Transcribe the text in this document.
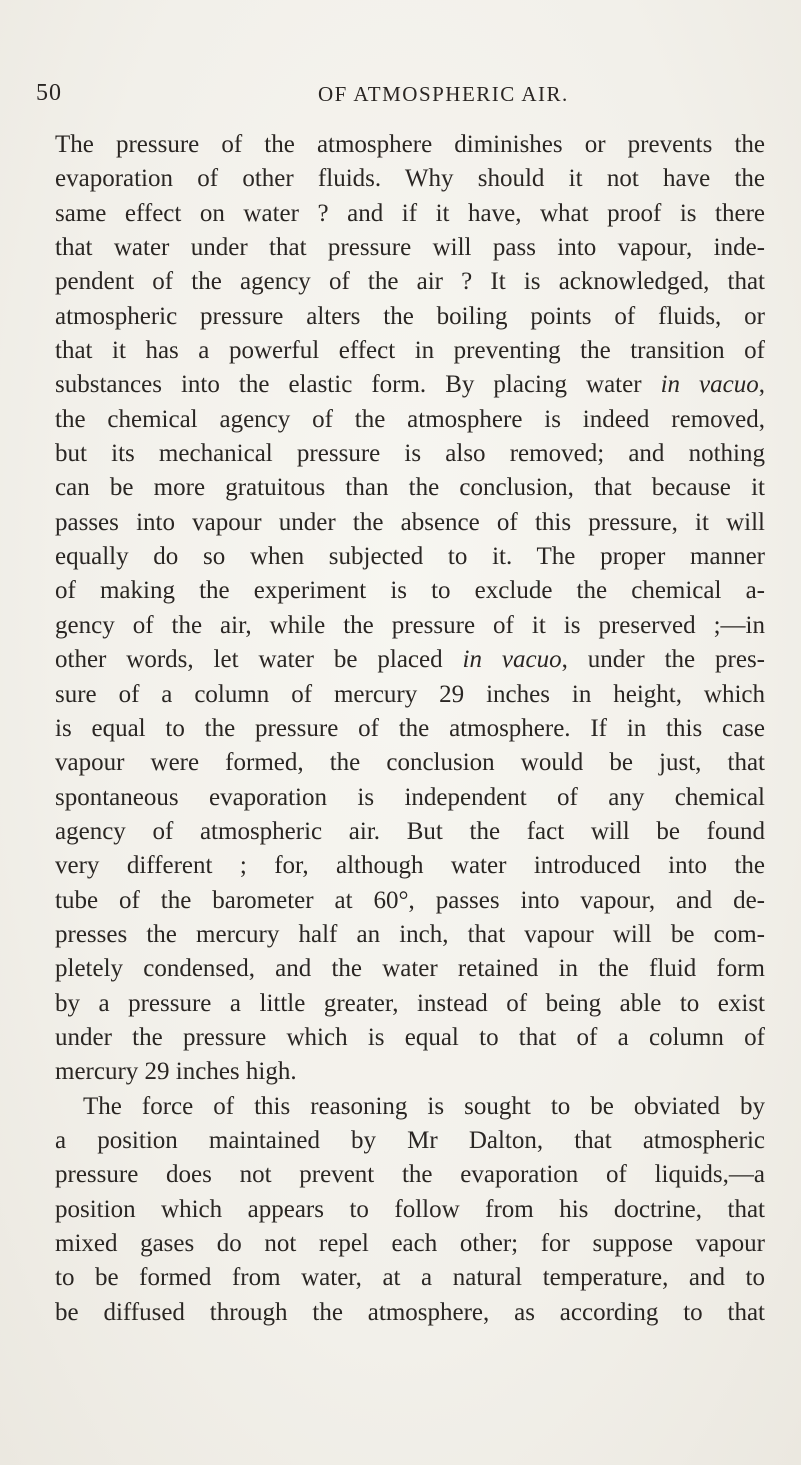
50	OF ATMOSPHERIC AIR.
The pressure of the atmosphere diminishes or prevents the
evaporation of other fluids. Why should it not have the
same effect on water ? and if it have, what proof is there
that water under that pressure will pass into vapour, inde-
pendent of the agency of the air ? It is acknowledged, that
atmospheric pressure alters the boiling points of fluids, or
that it has a powerful effect in preventing the transition of
substances into the elastic form. By placing water in vacuo,
the chemical agency of the atmosphere is indeed removed,
but its mechanical pressure is also removed; and nothing
can be more gratuitous than the conclusion, that because it
passes into vapour under the absence of this pressure, it will
equally do so when subjected to it. The proper manner
of making the experiment is to exclude the chemical a-
gency of the air, while the pressure of it is preserved ;—in
other words, let water be placed in vacuo, under the pres-
sure of a column of mercury 29 inches in height, which
is equal to the pressure of the atmosphere. If in this case
vapour were formed, the conclusion would be just, that
spontaneous evaporation is independent of any chemical
agency of atmospheric air. But the fact will be found
very different ; for, although water introduced into the
tube of the barometer at 60°, passes into vapour, and de-
presses the mercury half an inch, that vapour will be com-
pletely condensed, and the water retained in the fluid form
by a pressure a little greater, instead of being able to exist
under the pressure which is equal to that of a column of
mercury 29 inches high.
The force of this reasoning is sought to be obviated by
a position maintained by Mr Dalton, that atmospheric
pressure does not prevent the evaporation of liquids,—a
position which appears to follow from his doctrine, that
mixed gases do not repel each other; for suppose vapour
to be formed from water, at a natural temperature, and to
be diffused through the atmosphere, as according to that
